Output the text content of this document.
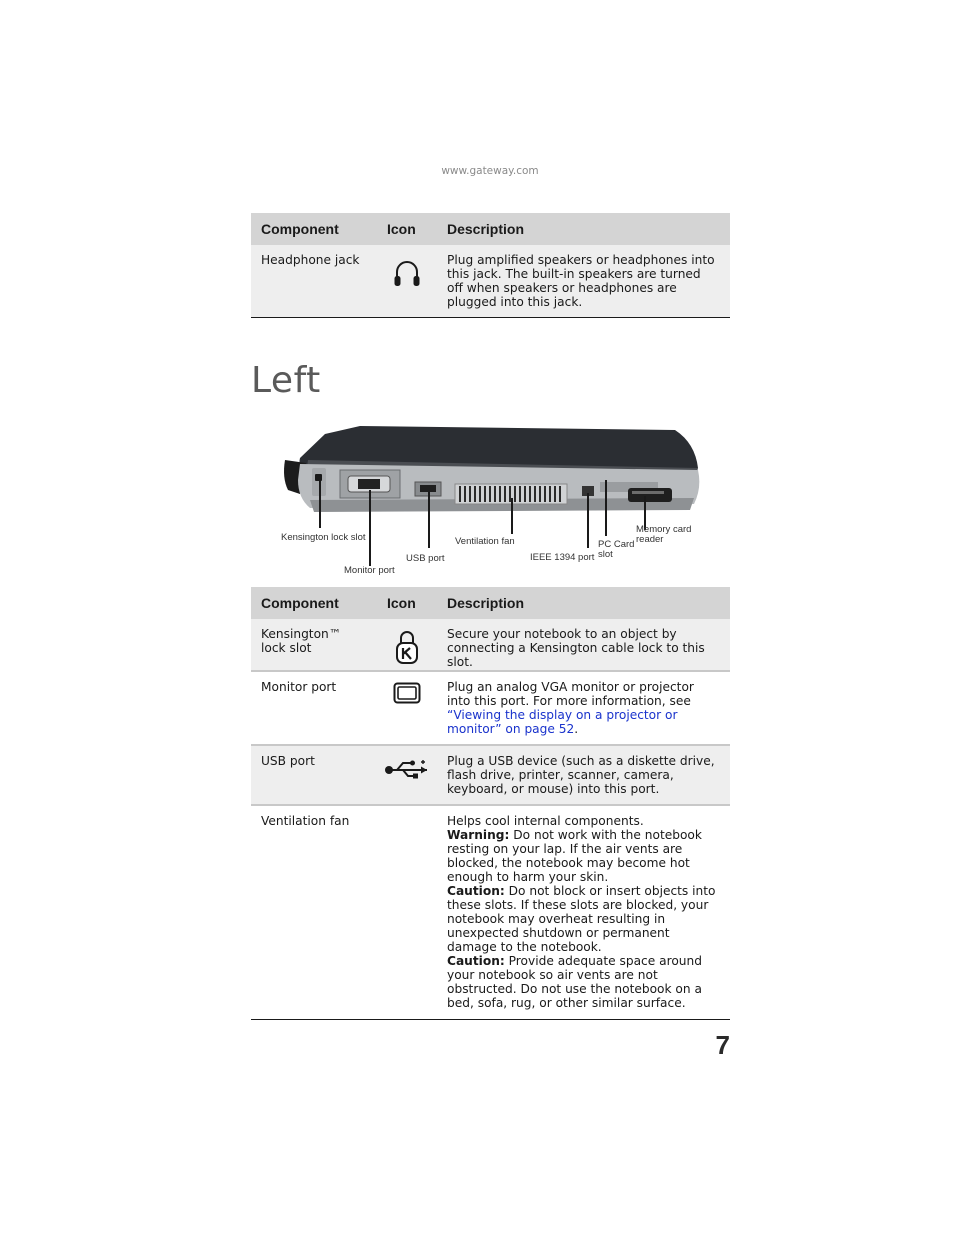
www.gateway.com
Component	Icon	Description
Headphone jack		Plug amplified speakers or headphones into this jack. The built-in speakers are turned off when speakers or headphones are plugged into this jack.
Left
Kensington lock slot
Monitor port
USB port
Ventilation fan
IEEE 1394 port
PC Card
slot
Memory card
reader
Component	Icon	Description
Kensington™
lock slot		Secure your notebook to an object by connecting a Kensington cable lock to this slot.
Monitor port		Plug an analog VGA monitor or projector into this port. For more information, see “Viewing the display on a projector or monitor” on page 52.
USB port		Plug a USB device (such as a diskette drive, flash drive, printer, scanner, camera, keyboard, or mouse) into this port.
Ventilation fan		Helps cool internal components.
Warning: Do not work with the notebook resting on your lap. If the air vents are blocked, the notebook may become hot enough to harm your skin.
Caution: Do not block or insert objects into these slots. If these slots are blocked, your notebook may overheat resulting in unexpected shutdown or permanent damage to the notebook.
Caution: Provide adequate space around your notebook so air vents are not obstructed. Do not use the notebook on a bed, sofa, rug, or other similar surface.
7
